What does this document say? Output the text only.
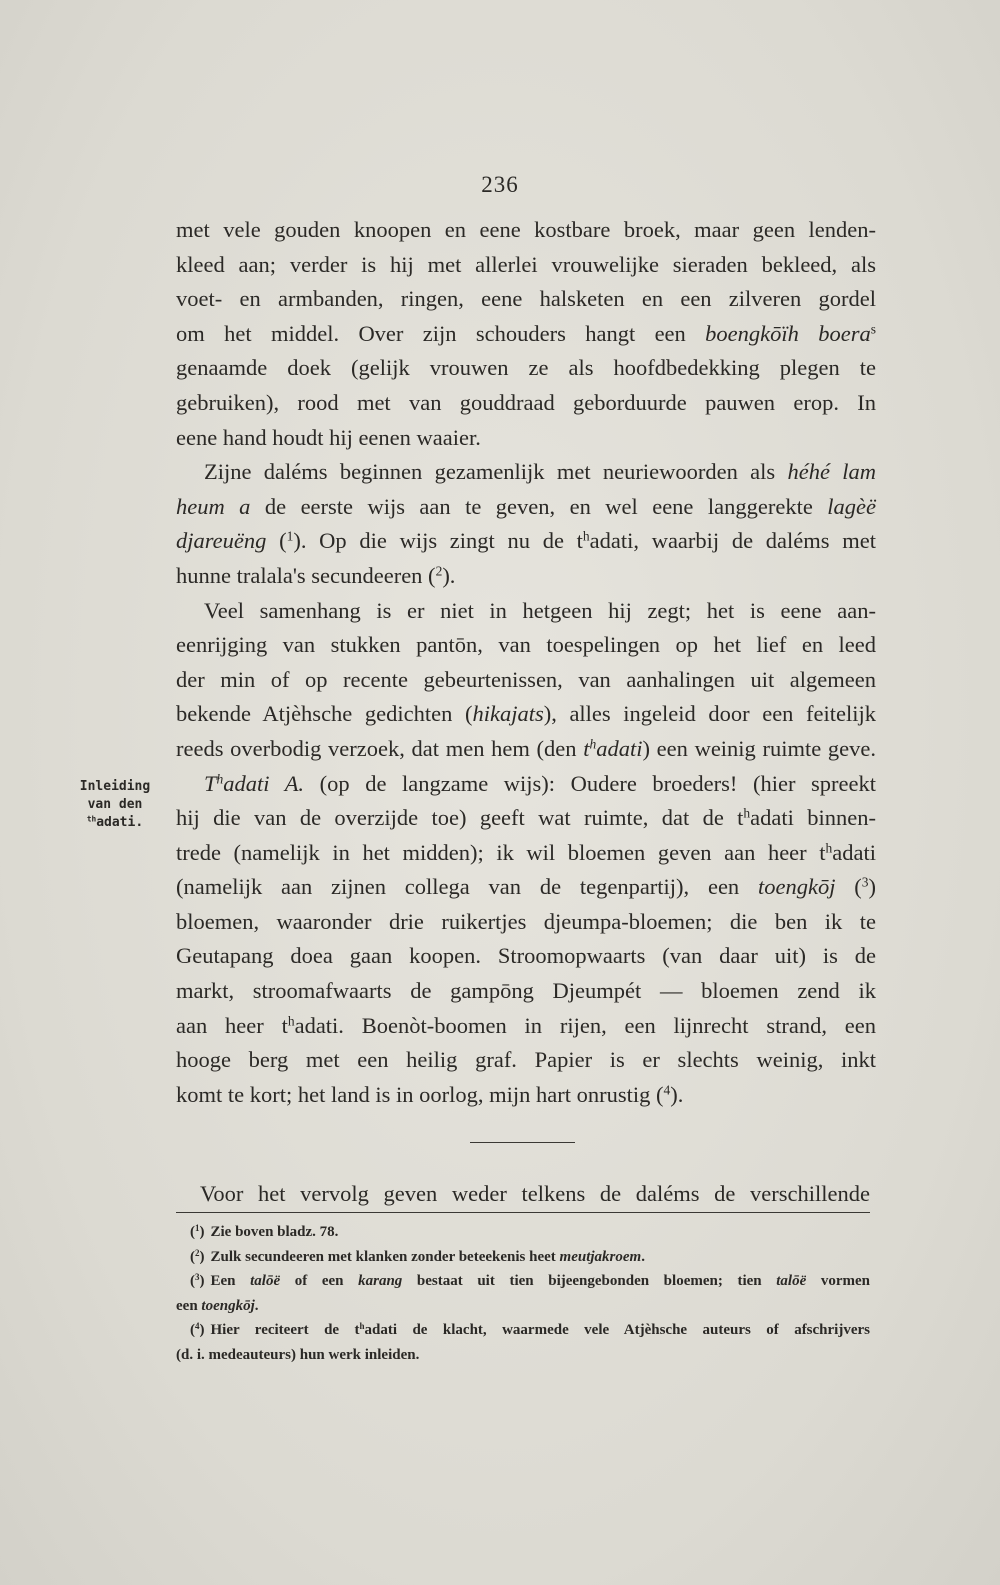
236
Inleiding
van den
$^{th}$adati.
met vele gouden knoopen en eene kostbare broek, maar geen lenden-
kleed aan; verder is hij met allerlei vrouwelijke sieraden bekleed, als
voet- en armbanden, ringen, eene halsketen en een zilveren gordel
om het middel. Over zijn schouders hangt een boengkōïh boera$^s$
genaamde doek (gelijk vrouwen ze als hoofdbedekking plegen te
gebruiken), rood met van gouddraad geborduurde pauwen erop. In
eene hand houdt hij eenen waaier.
Zijne daléms beginnen gezamenlijk met neuriewoorden als héhé lam
heum a de eerste wijs aan te geven, en wel eene langgerekte lagèë
djareuëng ($^1$). Op die wijs zingt nu de $t^hadati$, waarbij de daléms met
hunne tralala's secundeeren ($^2$).
Veel samenhang is er niet in hetgeen hij zegt; het is eene aan-
eenrijging van stukken pantōn, van toespelingen op het lief en leed
der min of op recente gebeurtenissen, van aanhalingen uit algemeen
bekende Atjèhsche gedichten (hikajats), alles ingeleid door een feitelijk
reeds overbodig verzoek, dat men hem (den $t^hadati$) een weinig ruimte geve.
$T^hadati$ A. (op de langzame wijs): Oudere broeders! (hier spreekt
hij die van de overzijde toe) geeft wat ruimte, dat de $t^hadati$ binnen-
trede (namelijk in het midden); ik wil bloemen geven aan heer $t^hadati$
(namelijk aan zijnen collega van de tegenpartij), een toengkōj ($^3$)
bloemen, waaronder drie ruikertjes djeumpa-bloemen; die ben ik te
Geutapang doea gaan koopen. Stroomopwaarts (van daar uit) is de
markt, stroomafwaarts de gampōng Djeumpét — bloemen zend ik
aan heer $t^hadati$. Boenòt-boomen in rijen, een lijnrecht strand, een
hooge berg met een heilig graf. Papier is er slechts weinig, inkt
komt te kort; het land is in oorlog, mijn hart onrustig ($^4$).
Voor het vervolg geven weder telkens de daléms de verschillende
($^1$) Zie boven bladz. 78.
($^2$) Zulk secundeeren met klanken zonder beteekenis heet meutjakroem.
($^3$) Een talōë of een karang bestaat uit tien bijeengebonden bloemen; tien talōë vormen
een toengkōj.
($^4$) Hier reciteert de $t^hadati$ de klacht, waarmede vele Atjèhsche auteurs of afschrijvers
(d. i. medeauteurs) hun werk inleiden.
